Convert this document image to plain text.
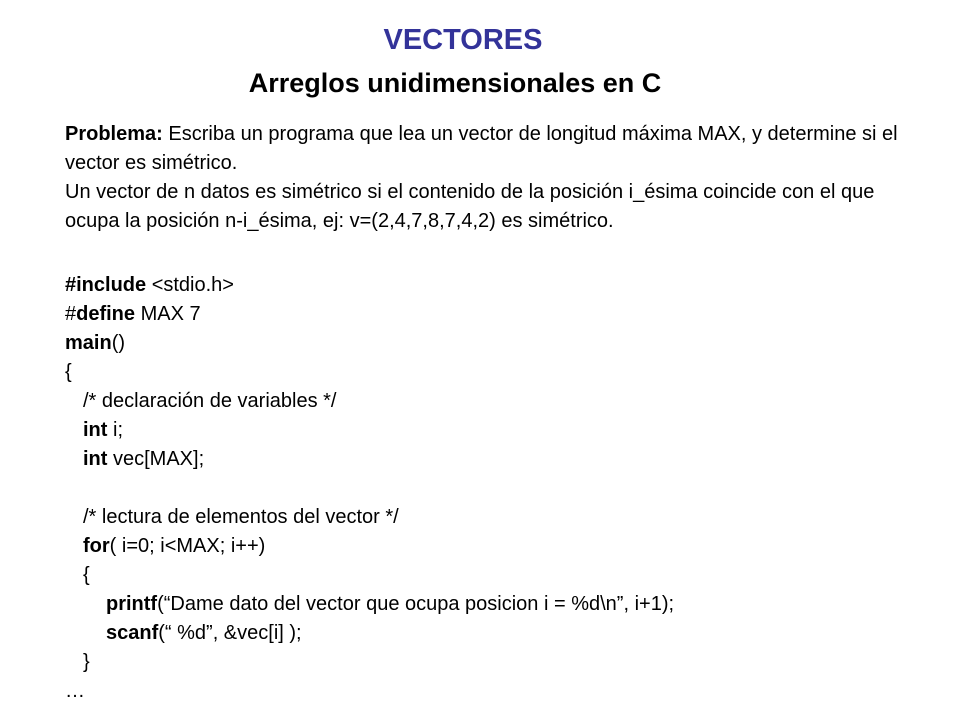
VECTORES
Arreglos unidimensionales en C

Problema: Escriba un programa que lea un vector de longitud máxima MAX, y determine si el vector es simétrico.

Un vector de n datos es simétrico si el contenido de la posición i_ésima coincide con el que ocupa la posición n-i_ésima, ej: v=(2,4,7,8,7,4,2) es simétrico.

#include <stdio.h>
#define MAX 7
main()
{
/* declaración de variables */
int i;
int vec[MAX];
/* lectura de elementos del vector */
for( i=0; i<MAX; i++)
{
printf(“Dame dato del vector que ocupa posicion i = %d\n”, i+1);
scanf(“ %d”, &vec[i] );
}
…
